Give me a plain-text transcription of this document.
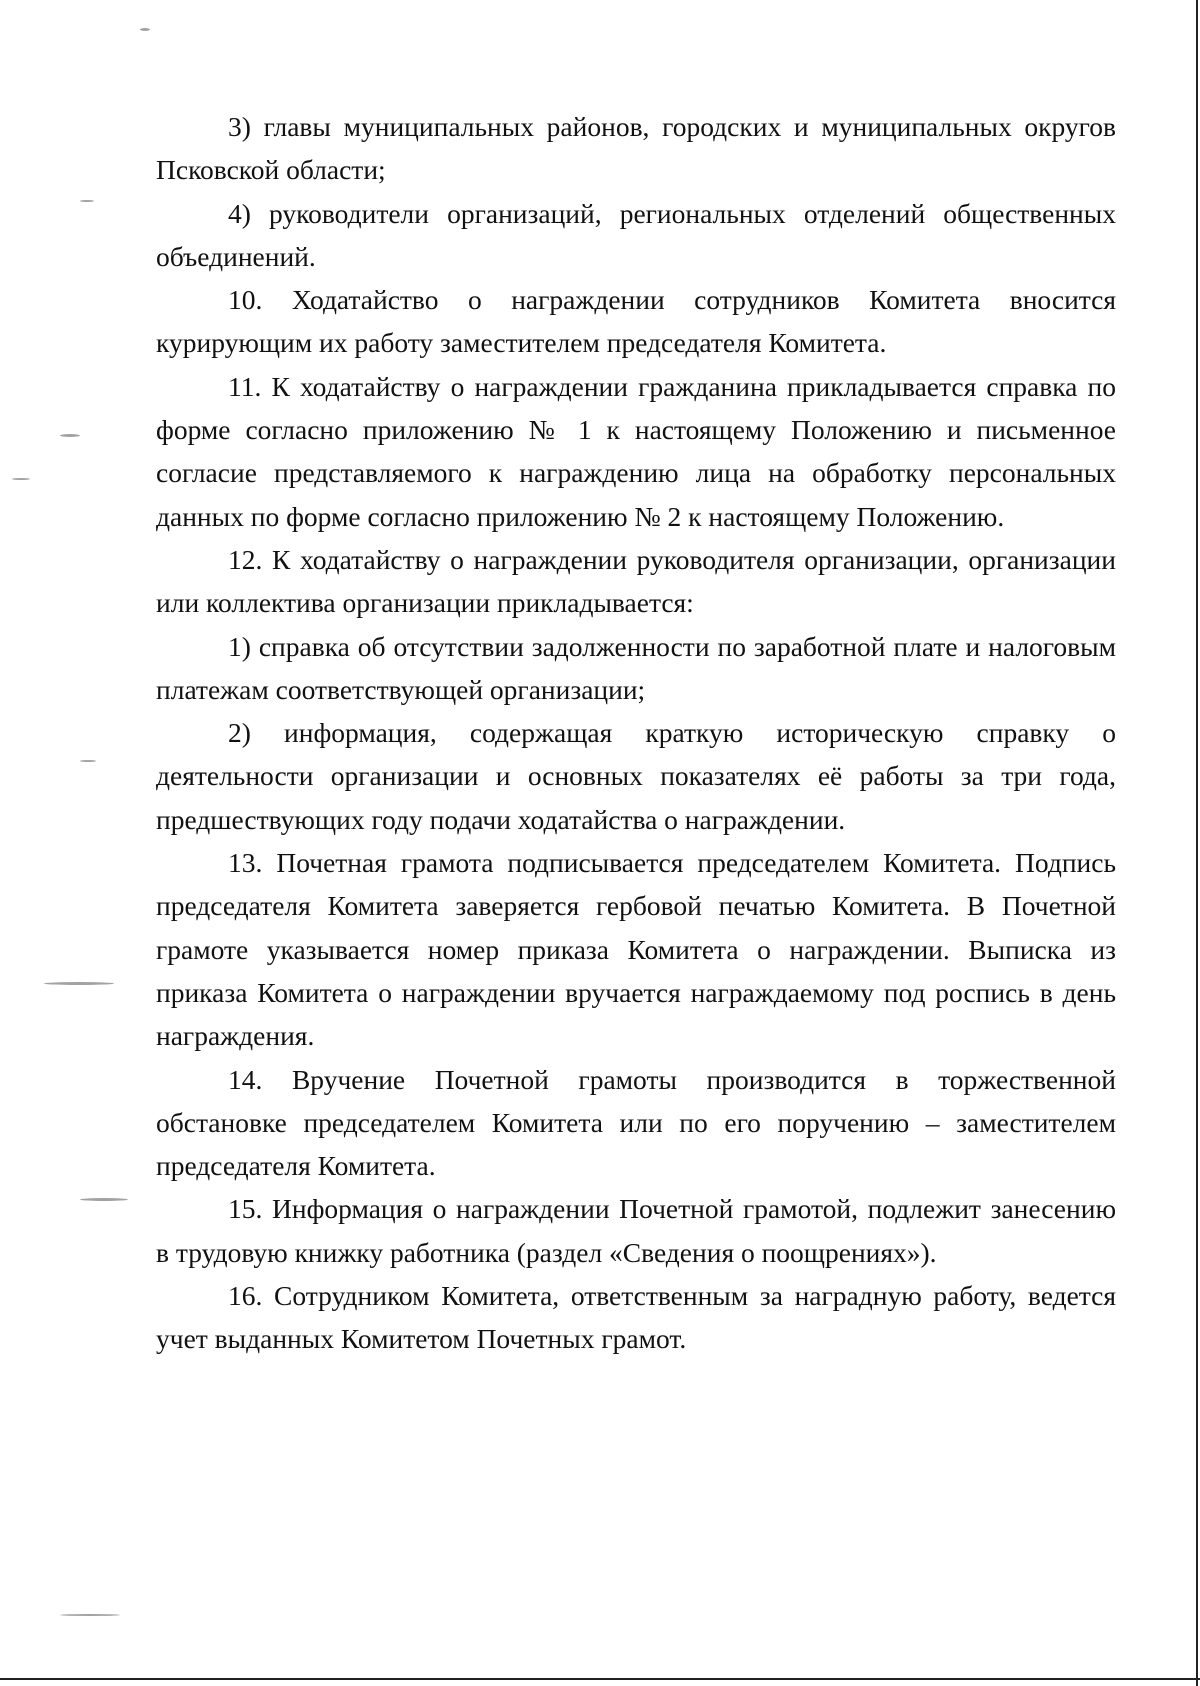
3) главы муниципальных районов, городских и муниципальных округов Псковской области;

4) руководители организаций, региональных отделений общественных объединений.

10. Ходатайство о награждении сотрудников Комитета вносится курирующим их работу заместителем председателя Комитета.

11. К ходатайству о награждении гражданина прикладывается справка по форме согласно приложению № 1 к настоящему Положению и письменное согласие представляемого к награждению лица на обработку персональных данных по форме согласно приложению № 2 к настоящему Положению.

12. К ходатайству о награждении руководителя организации, организации или коллектива организации прикладывается:

1) справка об отсутствии задолженности по заработной плате и налоговым платежам соответствующей организации;

2) информация, содержащая краткую историческую справку о деятельности организации и основных показателях её работы за три года, предшествующих году подачи ходатайства о награждении.

13. Почетная грамота подписывается председателем Комитета. Подпись председателя Комитета заверяется гербовой печатью Комитета. В Почетной грамоте указывается номер приказа Комитета о награждении. Выписка из приказа Комитета о награждении вручается награждаемому под роспись в день награждения.

14. Вручение Почетной грамоты производится в торжественной обстановке председателем Комитета или по его поручению – заместителем председателя Комитета.

15. Информация о награждении Почетной грамотой, подлежит занесению в трудовую книжку работника (раздел «Сведения о поощрениях»).

16. Сотрудником Комитета, ответственным за наградную работу, ведется учет выданных Комитетом Почетных грамот.
